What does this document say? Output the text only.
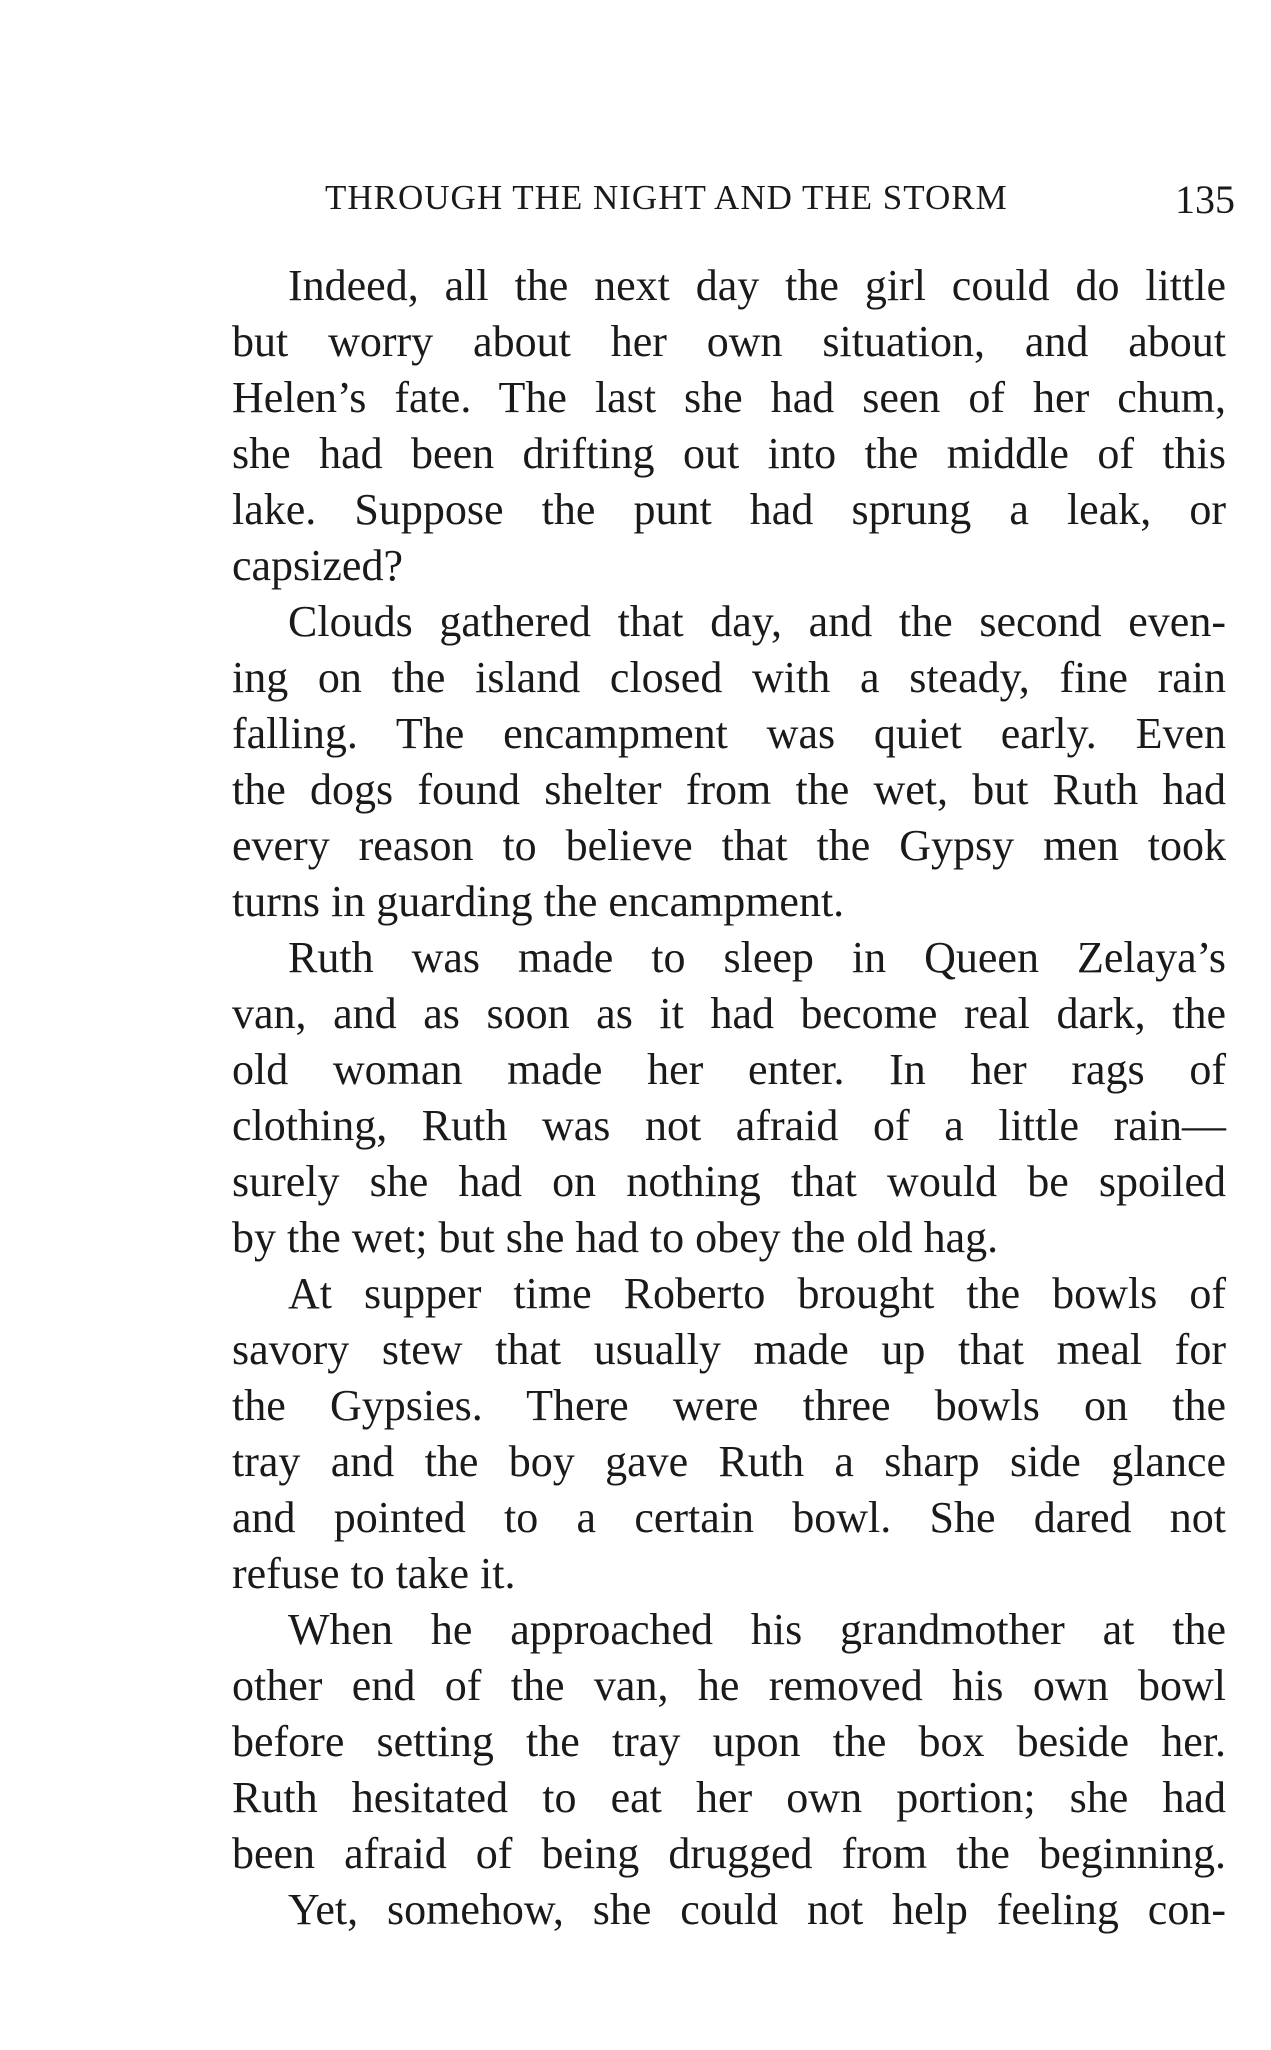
THROUGH THE NIGHT AND THE STORM	135
Indeed, all the next day the girl could do little
but worry about her own situation, and about
Helen’s fate. The last she had seen of her chum,
she had been drifting out into the middle of this
lake. Suppose the punt had sprung a leak, or
capsized?
Clouds gathered that day, and the second even-
ing on the island closed with a steady, fine rain
falling. The encampment was quiet early. Even
the dogs found shelter from the wet, but Ruth had
every reason to believe that the Gypsy men took
turns in guarding the encampment.
Ruth was made to sleep in Queen Zelaya’s
van, and as soon as it had become real dark, the
old woman made her enter. In her rags of
clothing, Ruth was not afraid of a little rain—
surely she had on nothing that would be spoiled
by the wet; but she had to obey the old hag.
At supper time Roberto brought the bowls of
savory stew that usually made up that meal for
the Gypsies. There were three bowls on the
tray and the boy gave Ruth a sharp side glance
and pointed to a certain bowl. She dared not
refuse to take it.
When he approached his grandmother at the
other end of the van, he removed his own bowl
before setting the tray upon the box beside her.
Ruth hesitated to eat her own portion; she had
been afraid of being drugged from the beginning.
Yet, somehow, she could not help feeling con-
